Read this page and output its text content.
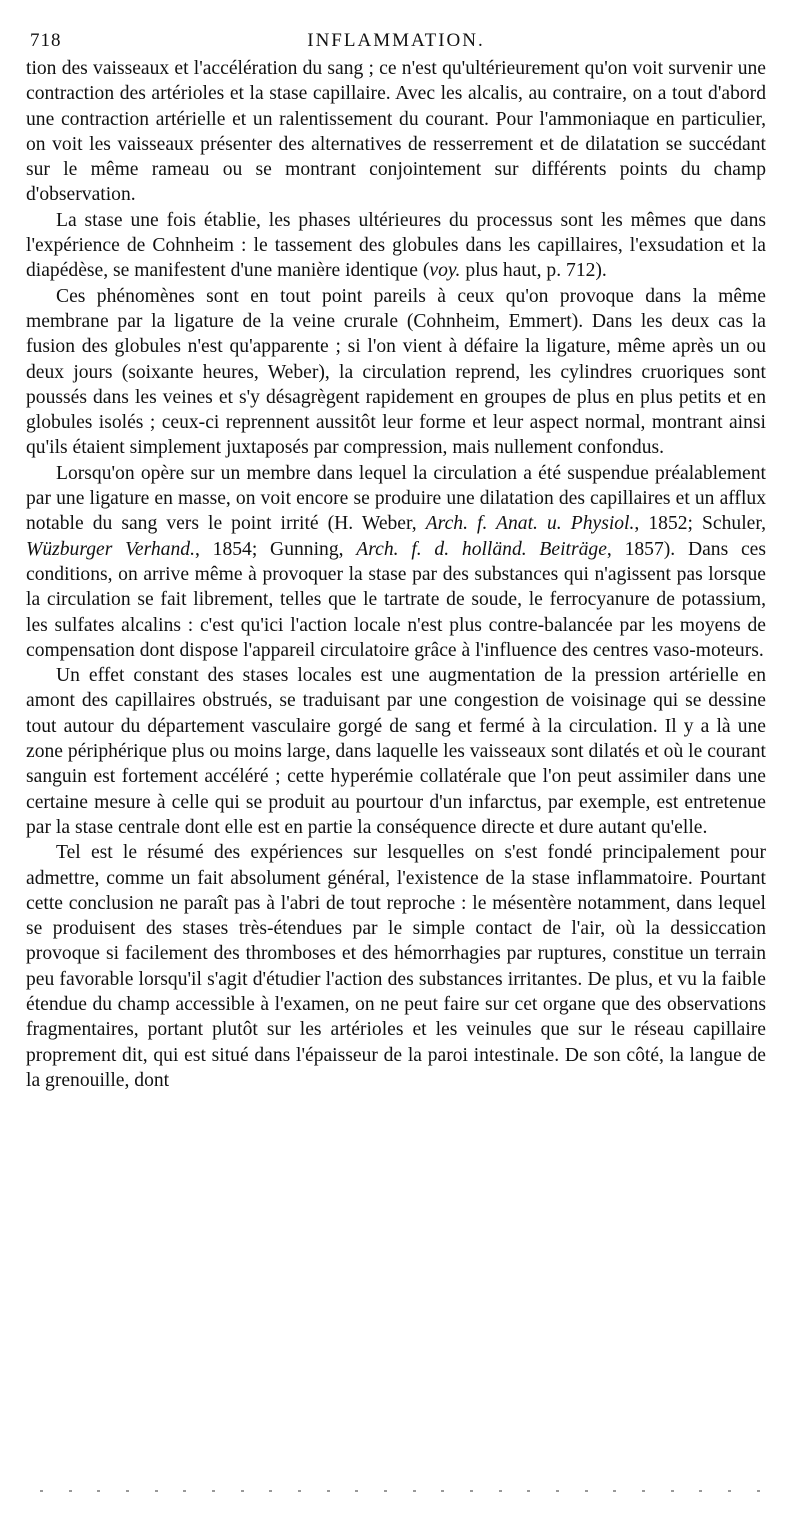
718	INFLAMMATION.

tion des vaisseaux et l'accélération du sang ; ce n'est qu'ultérieurement qu'on voit survenir une contraction des artérioles et la stase capillaire. Avec les alcalis, au contraire, on a tout d'abord une contraction artérielle et un ralentissement du courant. Pour l'ammoniaque en particulier, on voit les vaisseaux présenter des alternatives de resserrement et de dilatation se succédant sur le même rameau ou se montrant conjointement sur différents points du champ d'observation.

La stase une fois établie, les phases ultérieures du processus sont les mêmes que dans l'expérience de Cohnheim : le tassement des globules dans les capillaires, l'exsudation et la diapédèse, se manifestent d'une manière identique (voy. plus haut, p. 712).

Ces phénomènes sont en tout point pareils à ceux qu'on provoque dans la même membrane par la ligature de la veine crurale (Cohnheim, Emmert). Dans les deux cas la fusion des globules n'est qu'apparente ; si l'on vient à défaire la ligature, même après un ou deux jours (soixante heures, Weber), la circulation reprend, les cylindres cruoriques sont poussés dans les veines et s'y désagrègent rapidement en groupes de plus en plus petits et en globules isolés ; ceux-ci reprennent aussitôt leur forme et leur aspect normal, montrant ainsi qu'ils étaient simplement juxtaposés par compression, mais nullement confondus.

Lorsqu'on opère sur un membre dans lequel la circulation a été suspendue préalablement par une ligature en masse, on voit encore se produire une dilatation des capillaires et un afflux notable du sang vers le point irrité (H. Weber, Arch. f. Anat. u. Physiol., 1852; Schuler, Wüzburger Verhand., 1854; Gunning, Arch. f. d. holländ. Beiträge, 1857). Dans ces conditions, on arrive même à provoquer la stase par des substances qui n'agissent pas lorsque la circulation se fait librement, telles que le tartrate de soude, le ferrocyanure de potassium, les sulfates alcalins : c'est qu'ici l'action locale n'est plus contre-balancée par les moyens de compensation dont dispose l'appareil circulatoire grâce à l'influence des centres vaso-moteurs.

Un effet constant des stases locales est une augmentation de la pression artérielle en amont des capillaires obstrués, se traduisant par une congestion de voisinage qui se dessine tout autour du département vasculaire gorgé de sang et fermé à la circulation. Il y a là une zone périphérique plus ou moins large, dans laquelle les vaisseaux sont dilatés et où le courant sanguin est fortement accéléré ; cette hyperémie collatérale que l'on peut assimiler dans une certaine mesure à celle qui se produit au pourtour d'un infarctus, par exemple, est entretenue par la stase centrale dont elle est en partie la conséquence directe et dure autant qu'elle.

Tel est le résumé des expériences sur lesquelles on s'est fondé principalement pour admettre, comme un fait absolument général, l'existence de la stase inflammatoire. Pourtant cette conclusion ne paraît pas à l'abri de tout reproche : le mésentère notamment, dans lequel se produisent des stases très-étendues par le simple contact de l'air, où la dessiccation provoque si facilement des thromboses et des hémorrhagies par ruptures, constitue un terrain peu favorable lorsqu'il s'agit d'étudier l'action des substances irritantes. De plus, et vu la faible étendue du champ accessible à l'examen, on ne peut faire sur cet organe que des observations fragmentaires, portant plutôt sur les artérioles et les veinules que sur le réseau capillaire proprement dit, qui est situé dans l'épaisseur de la paroi intestinale. De son côté, la langue de la grenouille, dont
